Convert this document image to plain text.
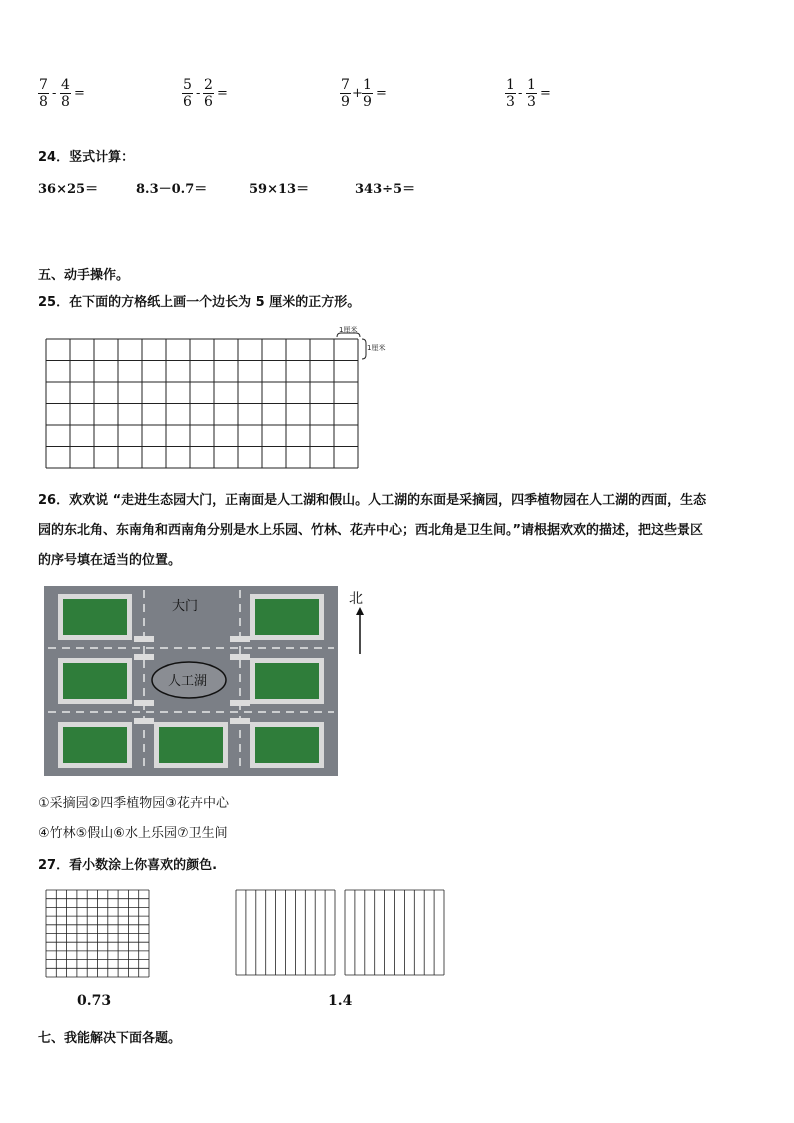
$\frac{7}{8} - \frac{4}{8}$ =	$\frac{5}{6} - \frac{2}{6}$ =	$\frac{7}{9} + \frac{1}{9}$ =	$\frac{1}{3} - \frac{1}{3}$ =
24．竖式计算：
36×25＝	8.3－0.7＝	59×13＝	343÷5＝
五、动手操作。
25．在下面的方格纸上画一个边长为 5 厘米的正方形。
1厘米
1厘米
26．欢欢说 “走进生态园大门，正南面是人工湖和假山。人工湖的东面是采摘园，四季植物园在人工湖的西面，生态
园的东北角、东南角和西南角分别是水上乐园、竹林、花卉中心；西北角是卫生间。”请根据欢欢的描述，把这些景区
的序号填在适当的位置。
大门
人工湖
北
①采摘园②四季植物园③花卉中心
④竹林⑤假山⑥水上乐园⑦卫生间
27．看小数涂上你喜欢的颜色.
0.73	1.4
七、我能解决下面各题。
